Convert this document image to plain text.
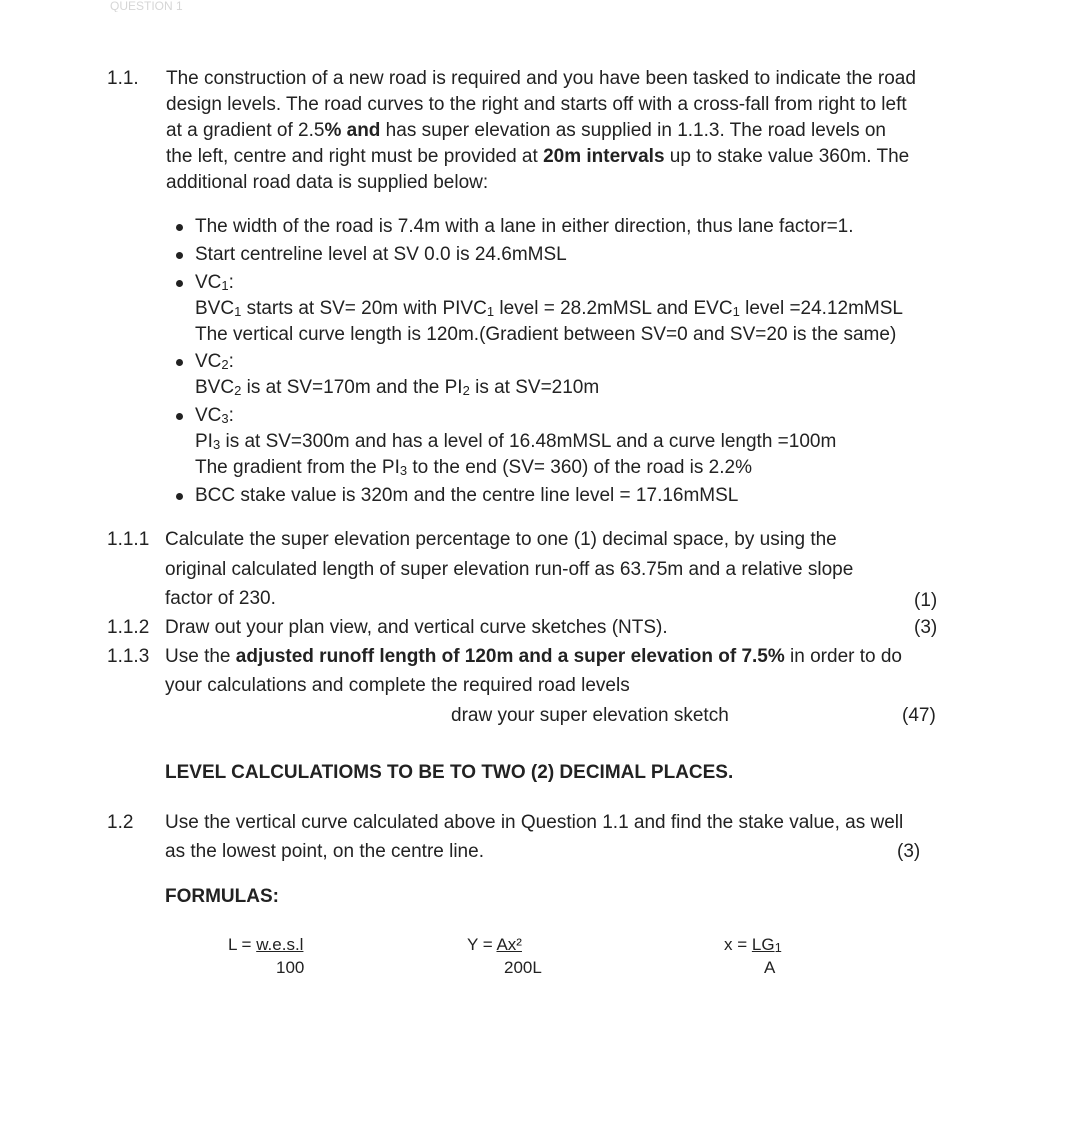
QUESTION 1
1.1. The construction of a new road is required and you have been tasked to indicate the road
design levels. The road curves to the right and starts off with a cross-fall from right to left
at a gradient of 2.5% and has super elevation as supplied in 1.1.3. The road levels on
the left, centre and right must be provided at 20m intervals up to stake value 360m. The
additional road data is supplied below:
The width of the road is 7.4m with a lane in either direction, thus lane factor=1.
Start centreline level at SV 0.0 is 24.6mMSL
VC1:
BVC1 starts at SV= 20m with PIVC1 level = 28.2mMSL and EVC1 level =24.12mMSL
The vertical curve length is 120m.(Gradient between SV=0 and SV=20 is the same)
VC2:
BVC2 is at SV=170m and the PI2 is at SV=210m
VC3:
PI3 is at SV=300m and has a level of 16.48mMSL and a curve length =100m
The gradient from the PI3 to the end (SV= 360) of the road is 2.2%
BCC stake value is 320m and the centre line level = 17.16mMSL
1.1.1 Calculate the super elevation percentage to one (1) decimal space, by using the
original calculated length of super elevation run-off as 63.75m and a relative slope
factor of 230.	(1)
1.1.2 Draw out your plan view, and vertical curve sketches (NTS).	(3)
1.1.3 Use the adjusted runoff length of 120m and a super elevation of 7.5% in order to do
your calculations and complete the required road levels
draw your super elevation sketch	(47)
LEVEL CALCULATIOMS TO BE TO TWO (2) DECIMAL PLACES.
1.2 Use the vertical curve calculated above in Question 1.1 and find the stake value, as well
as the lowest point, on the centre line.	(3)
FORMULAS:
L = w.e.s.l
100
Y = Ax²
200L
x = LG1
A
